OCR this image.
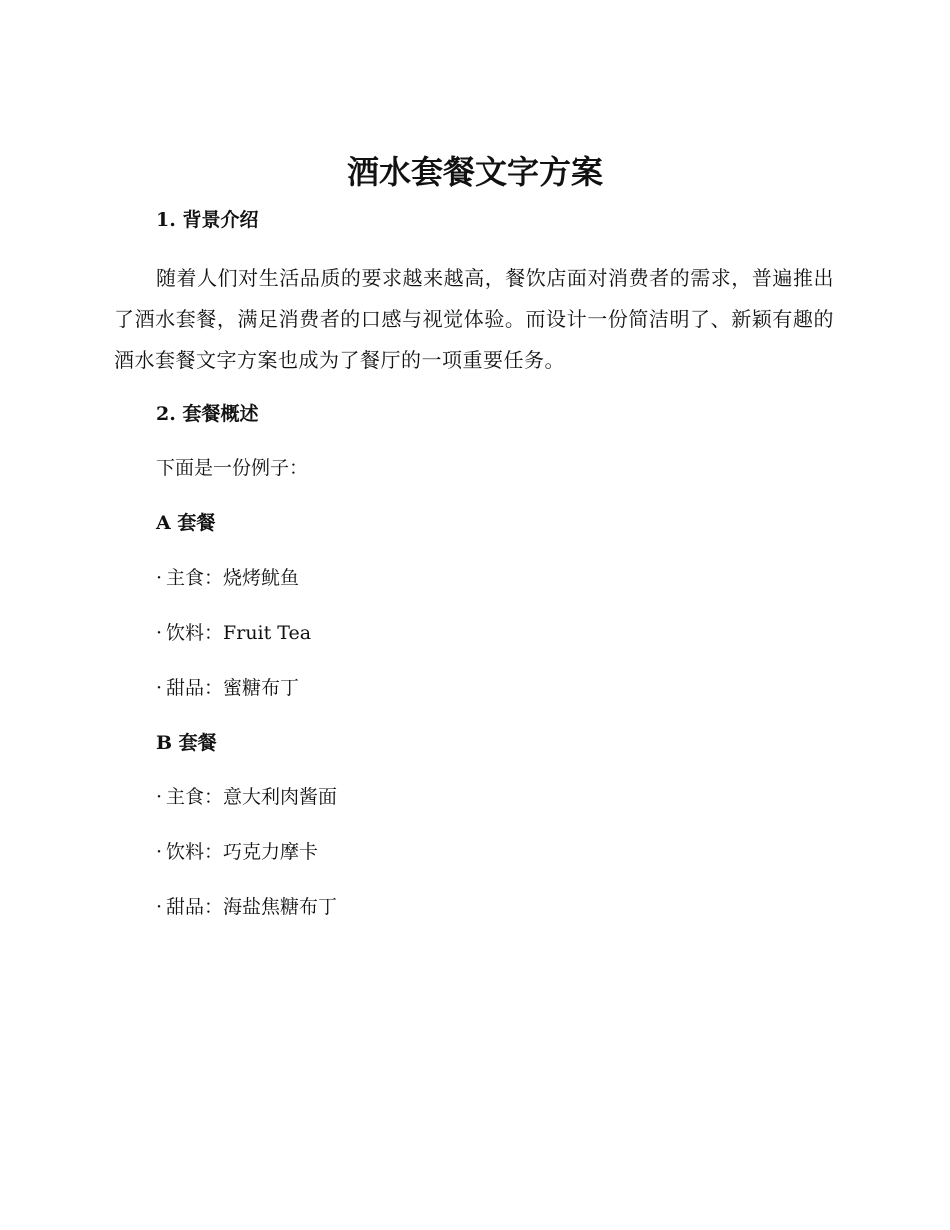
酒水套餐文字方案
1. 背景介绍

随着人们对生活品质的要求越来越高，餐饮店面对消费者的需求，普遍推出了酒水套餐，满足消费者的口感与视觉体验。而设计一份简洁明了、新颖有趣的酒水套餐文字方案也成为了餐厅的一项重要任务。

2. 套餐概述

下面是一份例子：

A 套餐

· 主食：烧烤鱿鱼

· 饮料：Fruit Tea

· 甜品：蜜糖布丁

B 套餐

· 主食：意大利肉酱面

· 饮料：巧克力摩卡

· 甜品：海盐焦糖布丁
